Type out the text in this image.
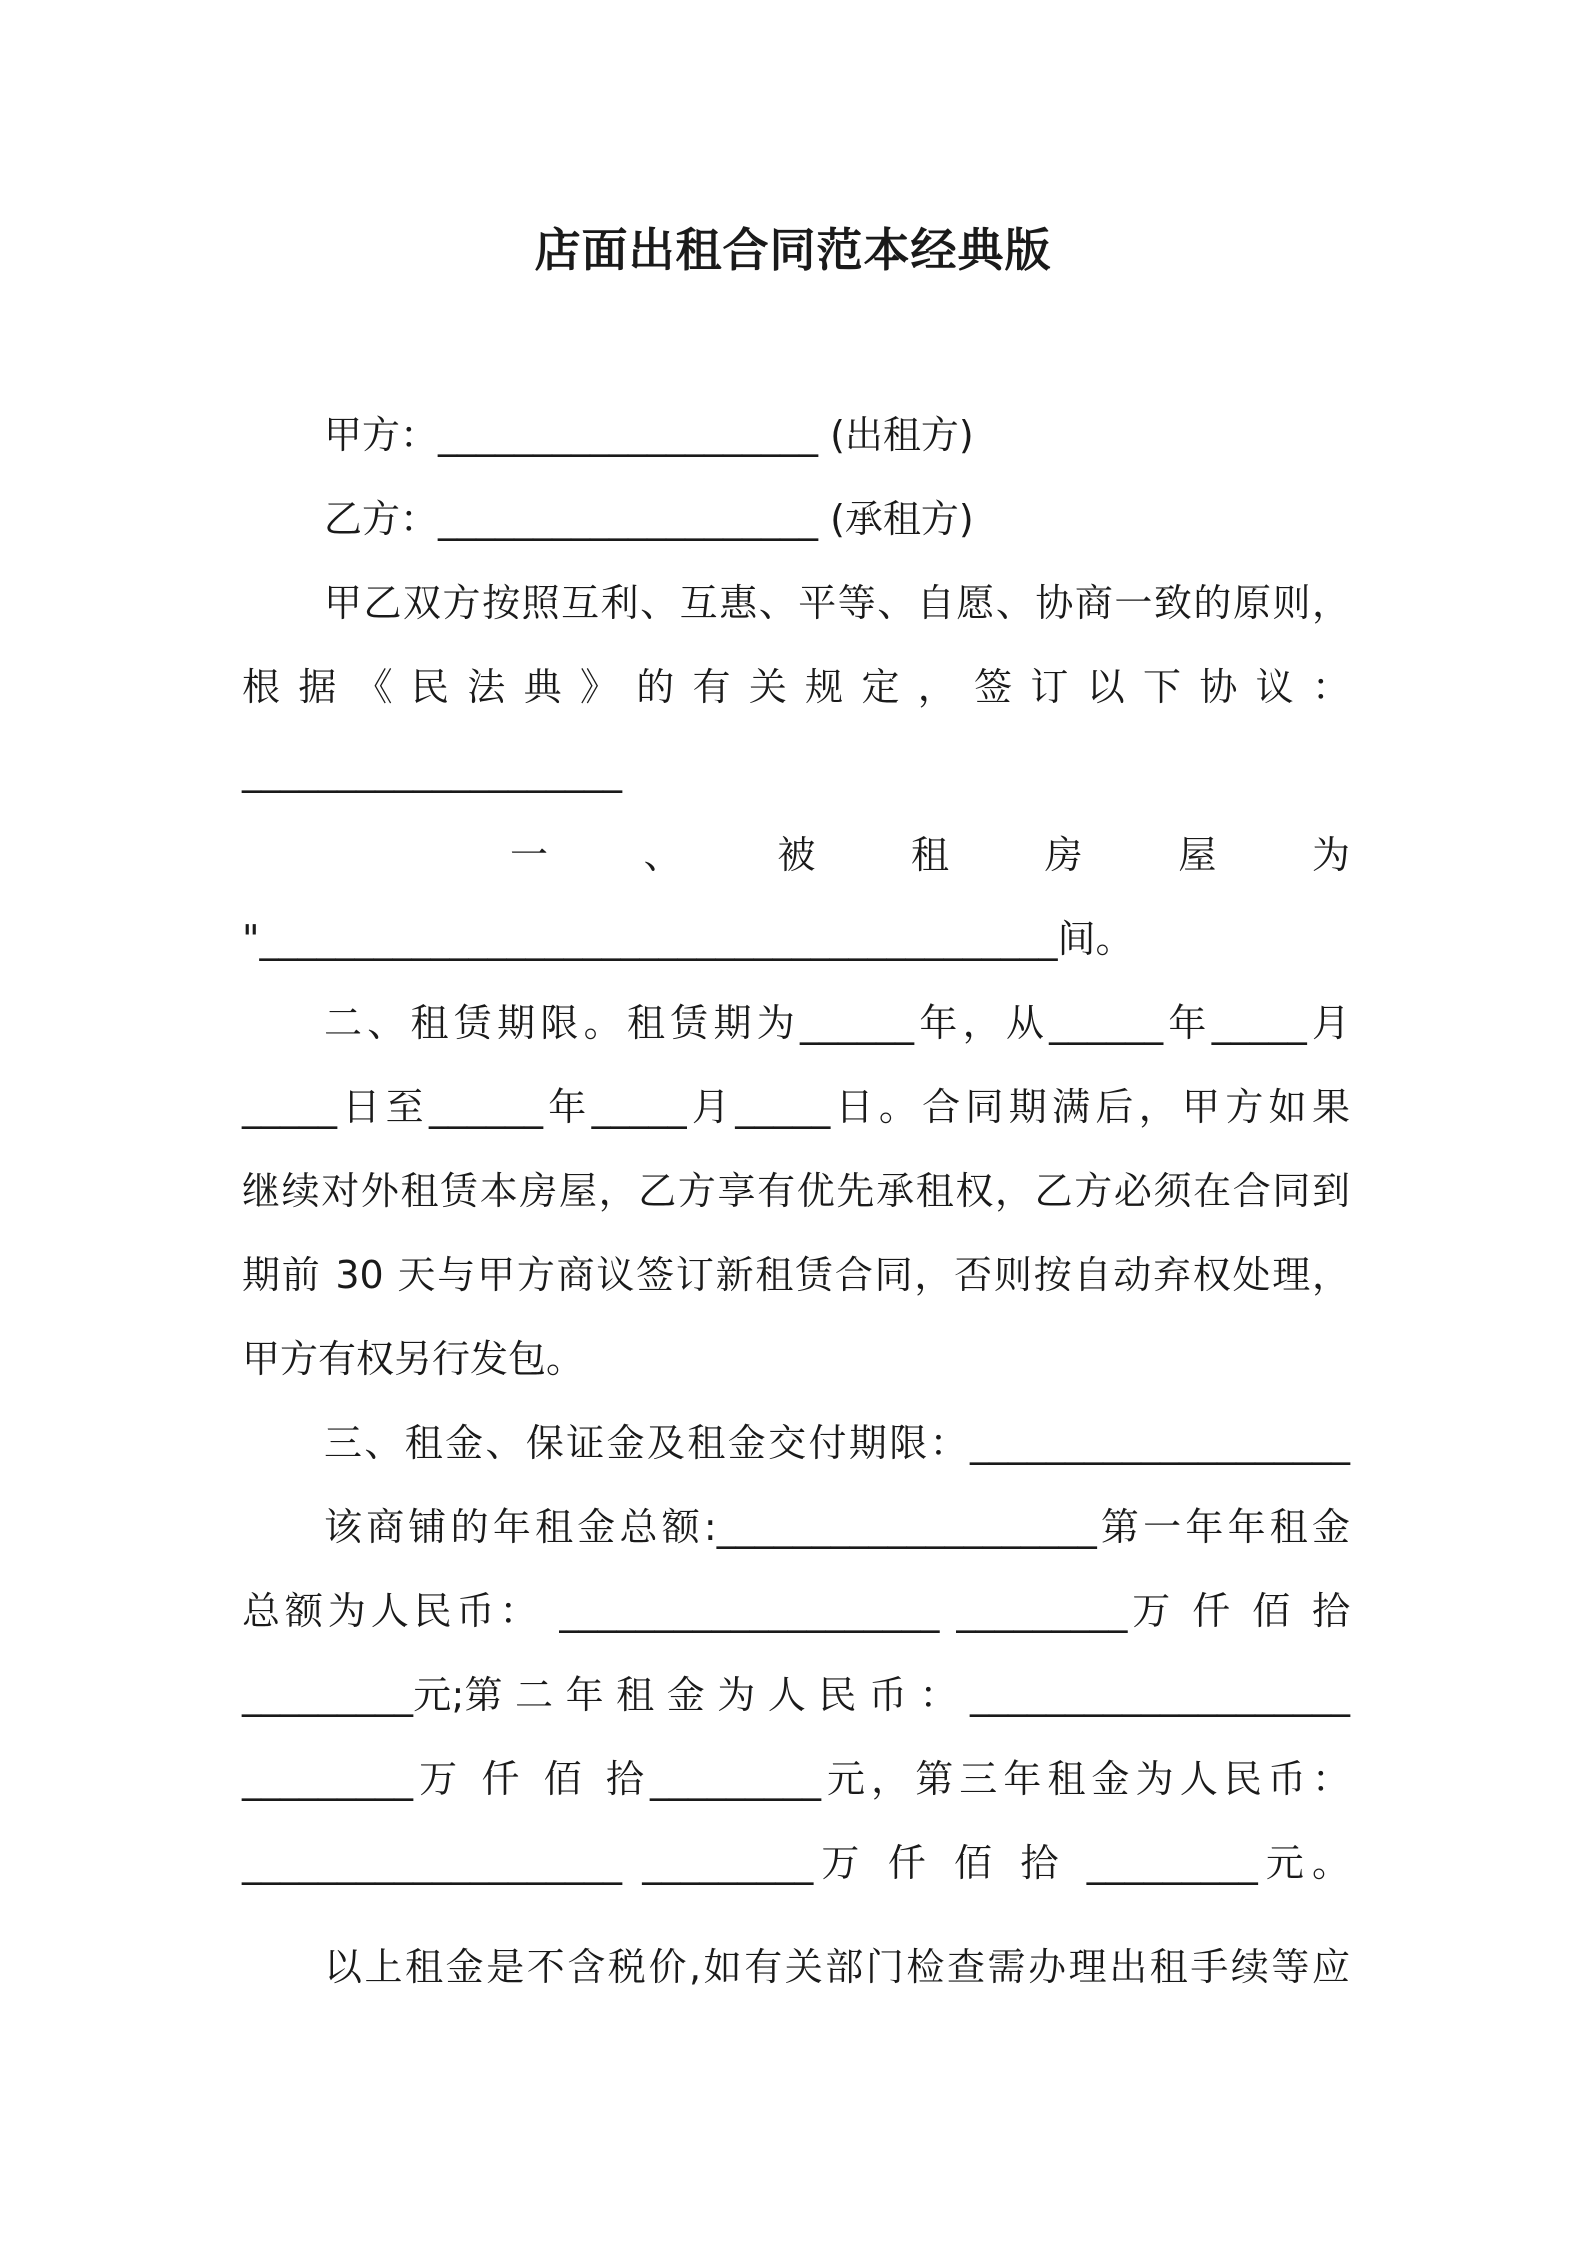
店面出租合同范本经典版
甲方：____________________ (出租方)
乙方：____________________ (承租方)
甲乙双方按照互利、互惠、平等、自愿、协商一致的原则，
根 据 《 民 法 典 》 的 有 关 规 定 ， 签 订 以 下 协 议 ：
____________________
一 、 被 租 房 屋 为
"__________________________________________间。
二、租赁期限。租赁期为______年，从______年_____月
_____日至______年_____月_____日。合同期满后，甲方如果
继续对外租赁本房屋，乙方享有优先承租权，乙方必须在合同到
期前 30 天与甲方商议签订新租赁合同，否则按自动弃权处理，
甲方有权另行发包。
三、租金、保证金及租金交付期限：____________________
该商铺的年租金总额:____________________第一年年租金
总额为人民币： ____________________ _________万 仟 佰 拾
_________元;第 二 年 租 金 为 人 民 币 ： ____________________
_________万 仟 佰 拾_________元，第三年租金为人民币：
____________________ _________万 仟 佰 拾 _________元。
以上租金是不含税价,如有关部门检查需办理出租手续等应
